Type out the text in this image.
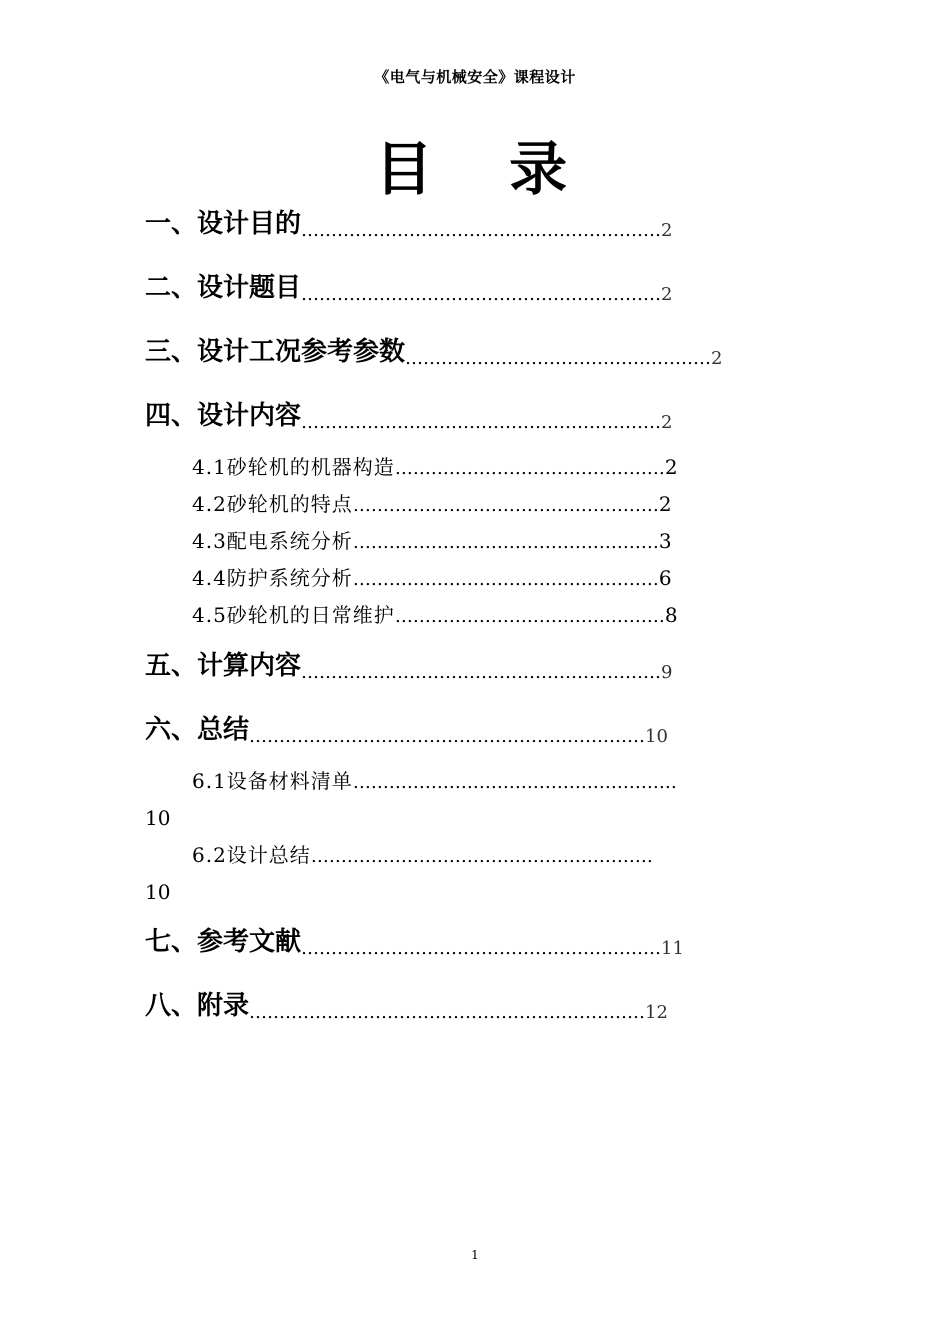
《电气与机械安全》课程设计
目 录
一、设计目的……………………………………………………2
二、设计题目……………………………………………………2
三、设计工况参考参数……………………………………………2
四、设计内容……………………………………………………2
4.1砂轮机的机器构造………………………………………2
4.2砂轮机的特点……………………………………………2
4.3配电系统分析……………………………………………3
4.4防护系统分析……………………………………………6
4.5砂轮机的日常维护………………………………………8
五、计算内容……………………………………………………9
六、总结…………………………………………………………10
6.1设备材料清单………………………………………………
10
6.2设计总结…………………………………………………
10
七、参考文献……………………………………………………11
八、附录…………………………………………………………12
1
